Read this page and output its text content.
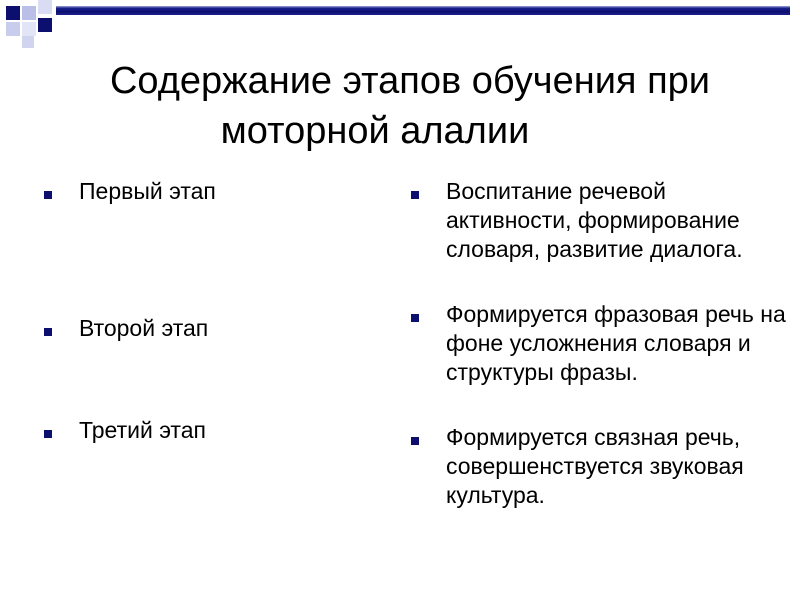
Содержание этапов обучения при
моторной алалии
Первый этап
Второй этап
Третий этап
Воспитание речевой активности, формирование словаря, развитие диалога.
Формируется фразовая речь на фоне усложнения словаря и структуры фразы.
Формируется связная речь, совершенствуется звуковая культура.
